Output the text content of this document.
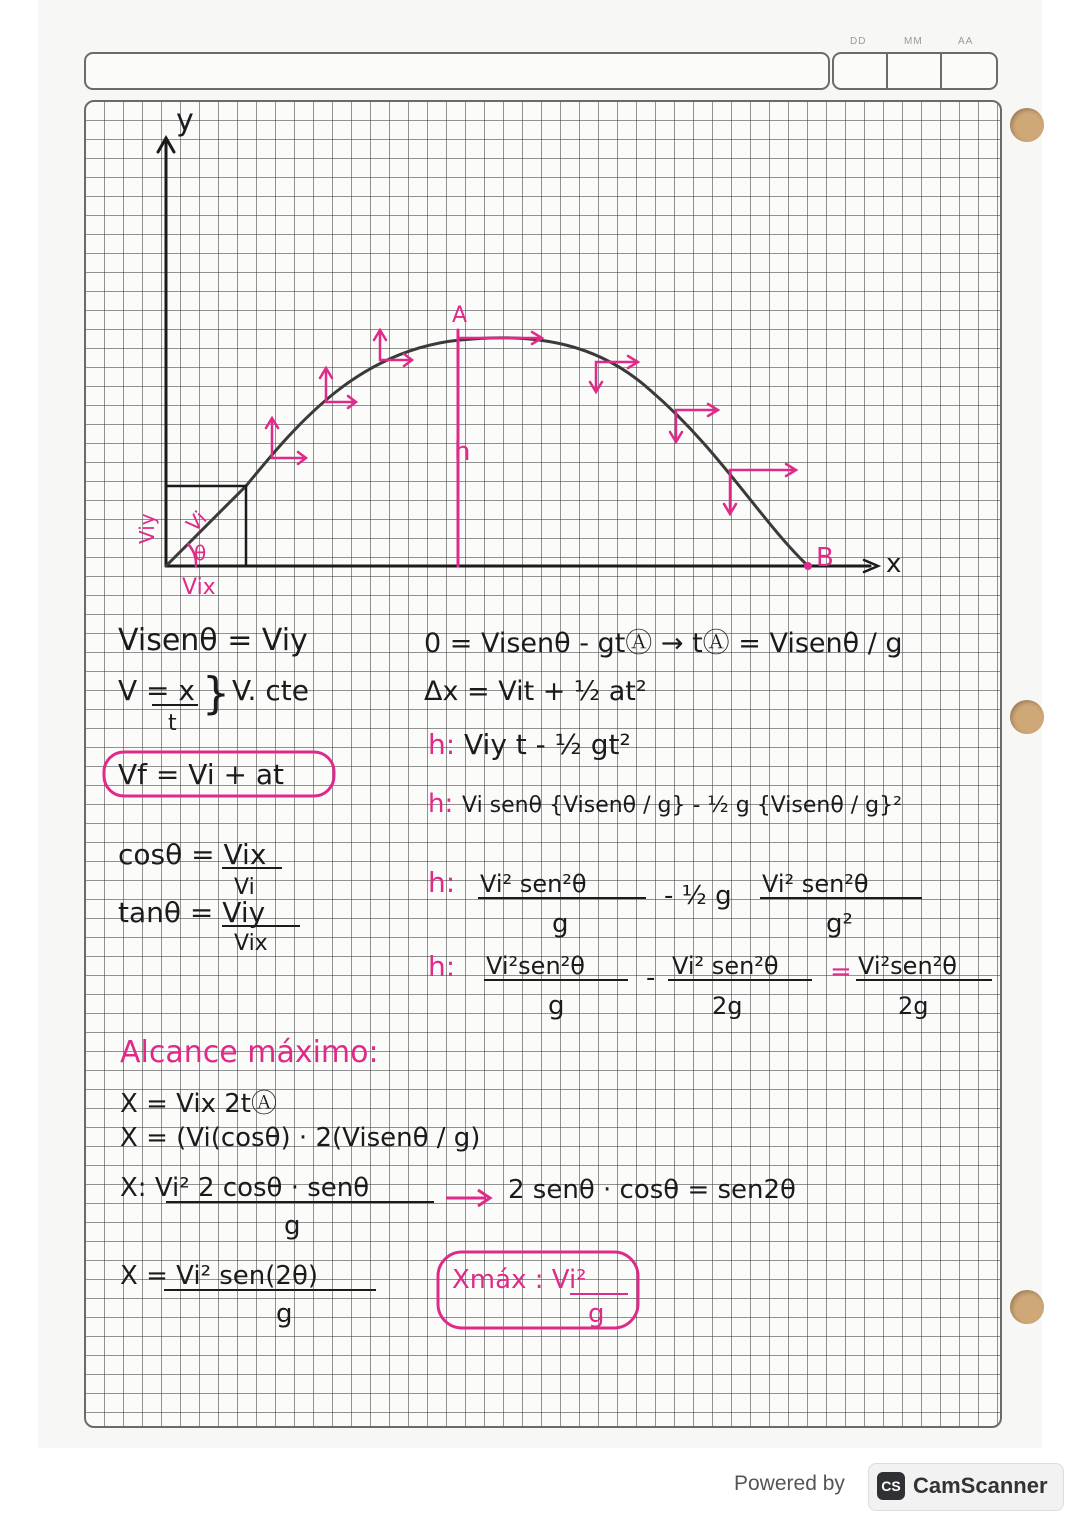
DD	MM	AA
y
x
A
B
h
Vi
Viy
Vix
θ
Visenθ = Viy
V = x
t
} V. cte
Vf = Vi + at
cosθ = Vix
Vi
tanθ = Viy
Vix
0 = Visenθ - gtⒶ → tⒶ = Visenθ / g
Δx = Vit + ½ at²
h: Viy t - ½ gt²
h: Vi senθ {Visenθ / g} - ½ g {Visenθ / g}²
h: Vi² sen²θ
g
- ½ g Vi² sen²θ
g²
h: Vi²sen²θ
g
- Vi² sen²θ
2g
= Vi²sen²θ
2g
Alcance máximo:
X = Vix 2tⒶ
X = (Vi(cosθ) · 2(Visenθ / g)
X: Vi² 2 cosθ · senθ
g
2 senθ · cosθ = sen2θ
X = Vi² sen(2θ)
g
Xmáx : Vi²
g
Powered by	CS CamScanner
